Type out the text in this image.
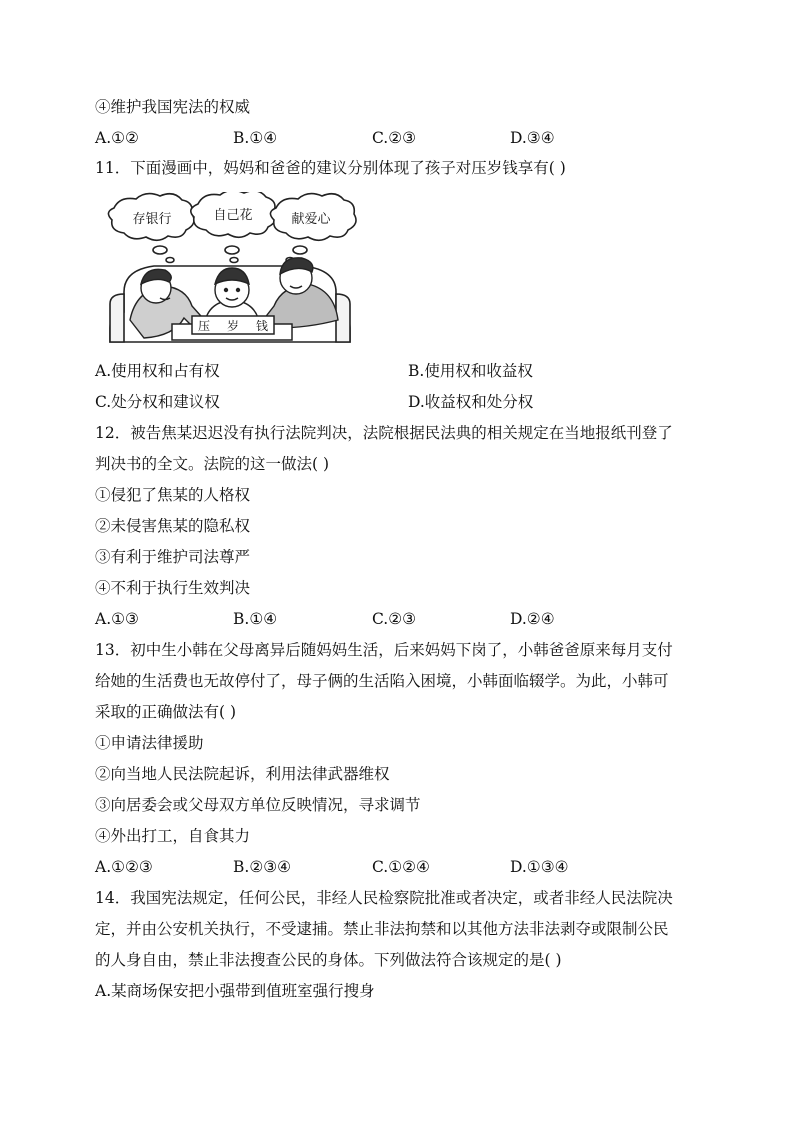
④维护我国宪法的权威
A.①②	B.①④	C.②③	D.③④
11．下面漫画中，妈妈和爸爸的建议分别体现了孩子对压岁钱享有( )
存银行	自己花	献爱心
压 岁 钱
A.使用权和占有权	B.使用权和收益权
C.处分权和建议权	D.收益权和处分权
12．被告焦某迟迟没有执行法院判决，法院根据民法典的相关规定在当地报纸刊登了
判决书的全文。法院的这一做法( )
①侵犯了焦某的人格权
②未侵害焦某的隐私权
③有利于维护司法尊严
④不利于执行生效判决
A.①③	B.①④	C.②③	D.②④
13．初中生小韩在父母离异后随妈妈生活，后来妈妈下岗了，小韩爸爸原来每月支付
给她的生活费也无故停付了，母子俩的生活陷入困境，小韩面临辍学。为此，小韩可
采取的正确做法有( )
①申请法律援助
②向当地人民法院起诉，利用法律武器维权
③向居委会或父母双方单位反映情况，寻求调节
④外出打工，自食其力
A.①②③	B.②③④	C.①②④	D.①③④
14．我国宪法规定，任何公民，非经人民检察院批准或者决定，或者非经人民法院决
定，并由公安机关执行，不受逮捕。禁止非法拘禁和以其他方法非法剥夺或限制公民
的人身自由，禁止非法搜查公民的身体。下列做法符合该规定的是( )
A.某商场保安把小强带到值班室强行搜身
